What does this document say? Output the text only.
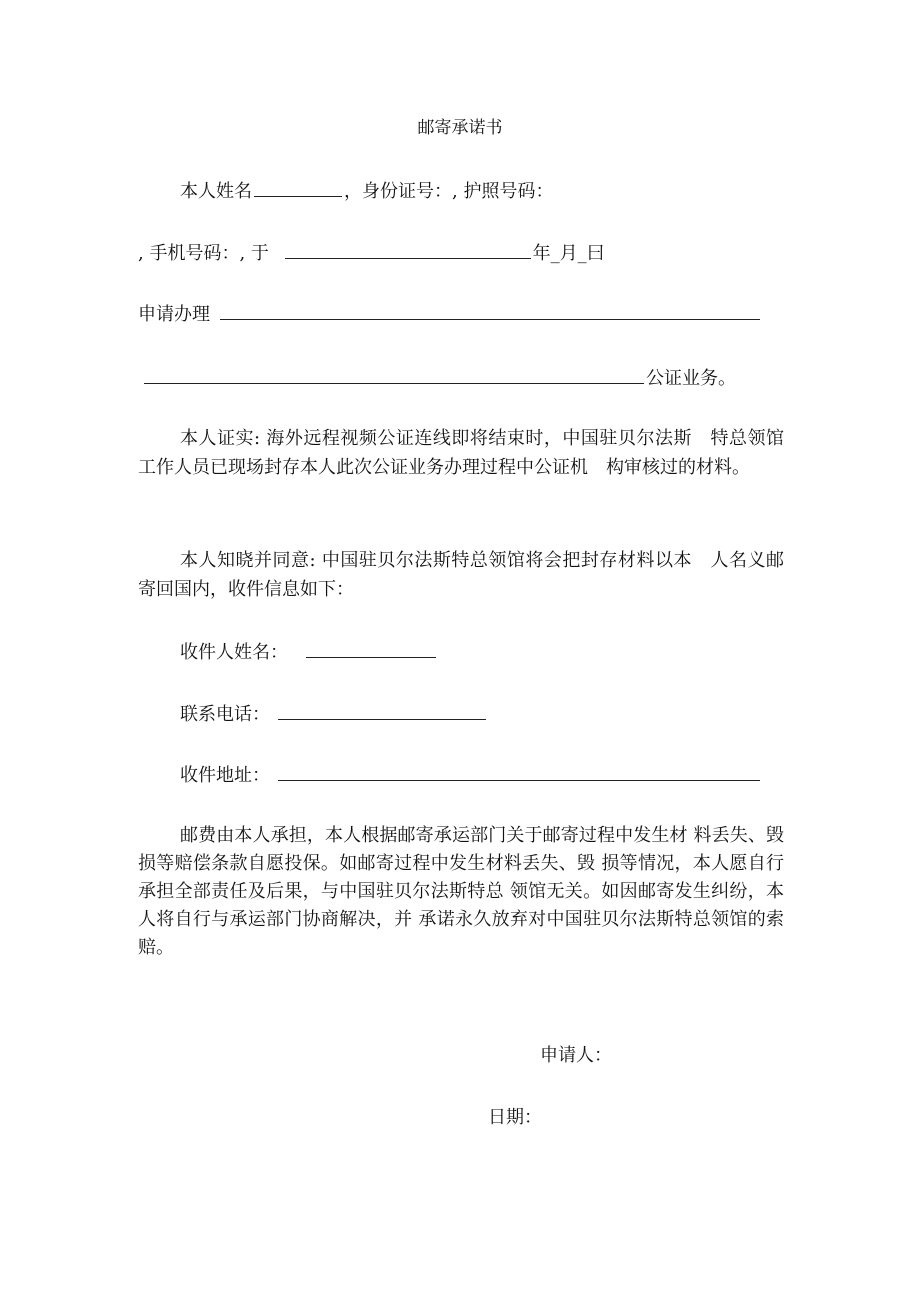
邮寄承诺书
本人姓名	，身份证号：, 护照号码：
, 手机号码：, 于	年_月_曰
申请办理
公证业务。
本人证实: 海外远程视频公证连线即将结束时，中国驻贝尔法斯　特总领馆工作人员已现场封存本人此次公证业务办理过程中公证机　构审核过的材料。
本人知晓并同意: 中国驻贝尔法斯特总领馆将会把封存材料以本　人名义邮寄回国内，收件信息如下：
收件人姓名：
联系电话：
收件地址：
邮费由本人承担，本人根据邮寄承运部门关于邮寄过程中发生材 料丢失、毁损等赔偿条款自愿投保。如邮寄过程中发生材料丢失、毁 损等情况，本人愿自行承担全部责任及后果，与中国驻贝尔法斯特总 领馆无关。如因邮寄发生纠纷，本人将自行与承运部门协商解决，并 承诺永久放弃对中国驻贝尔法斯特总领馆的索赔。
申请人：
日期：
